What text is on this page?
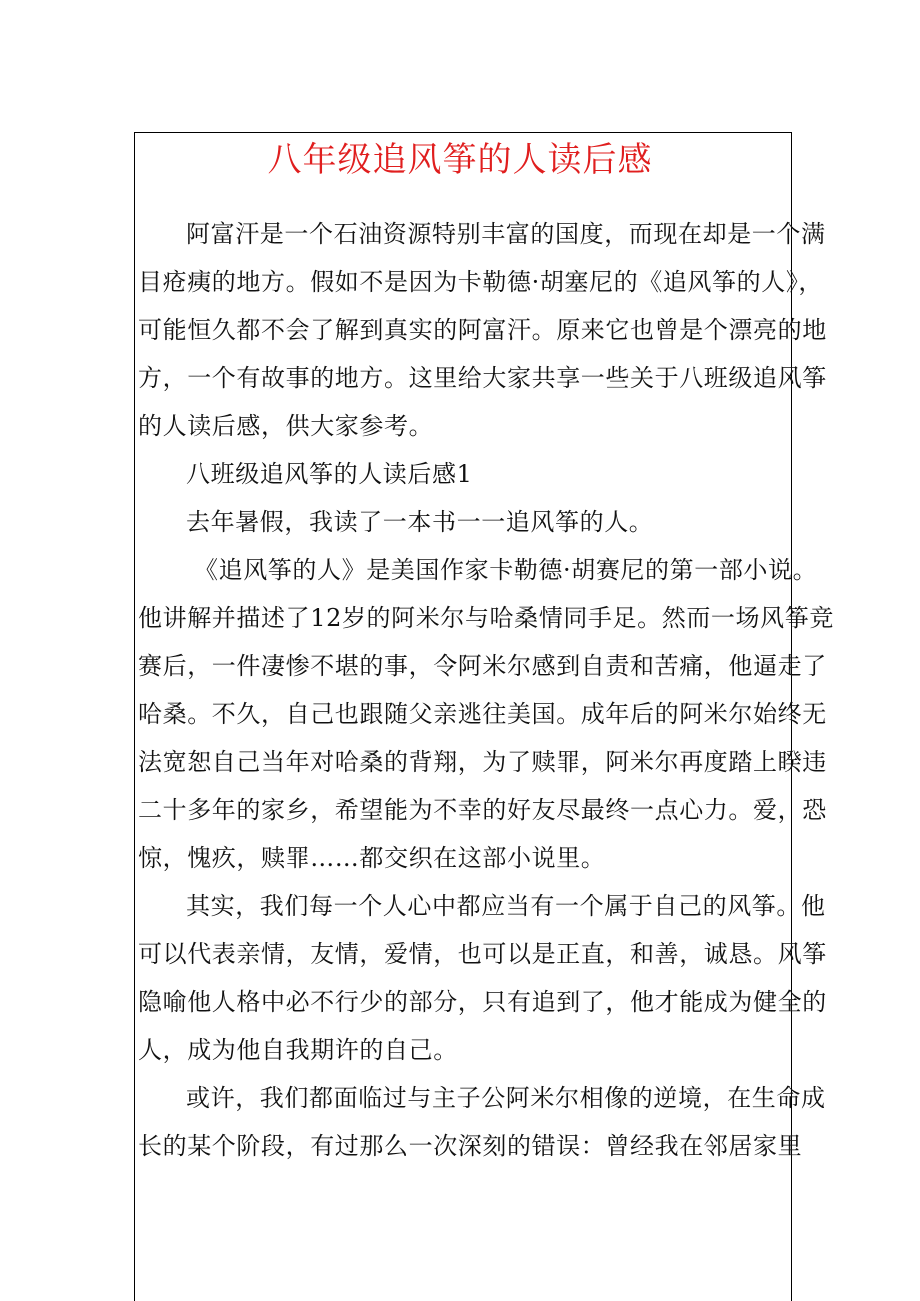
八年级追风筝的人读后感
阿富汗是一个石油资源特别丰富的国度，而现在却是一个满
目疮痍的地方。假如不是因为卡勒德·胡塞尼的《追风筝的人》，
可能恒久都不会了解到真实的阿富汗。原来它也曾是个漂亮的地
方，一个有故事的地方。这里给大家共享一些关于八班级追风筝
的人读后感，供大家参考。
八班级追风筝的人读后感1
去年暑假，我读了一本书一一追风筝的人。
《追风筝的人》是美国作家卡勒德·胡赛尼的第一部小说。
他讲解并描述了12岁的阿米尔与哈桑情同手足。然而一场风筝竞
赛后，一件凄惨不堪的事，令阿米尔感到自责和苦痛，他逼走了
哈桑。不久，自己也跟随父亲逃往美国。成年后的阿米尔始终无
法宽恕自己当年对哈桑的背翔，为了赎罪，阿米尔再度踏上睽违
二十多年的家乡，希望能为不幸的好友尽最终一点心力。爱，恐
惊，愧疚，赎罪……都交织在这部小说里。
其实，我们每一个人心中都应当有一个属于自己的风筝。他
可以代表亲情，友情，爱情，也可以是正直，和善，诚恳。风筝
隐喻他人格中必不行少的部分，只有追到了，他才能成为健全的
人，成为他自我期许的自己。
或许，我们都面临过与主子公阿米尔相像的逆境，在生命成
长的某个阶段，有过那么一次深刻的错误：曾经我在邻居家里
